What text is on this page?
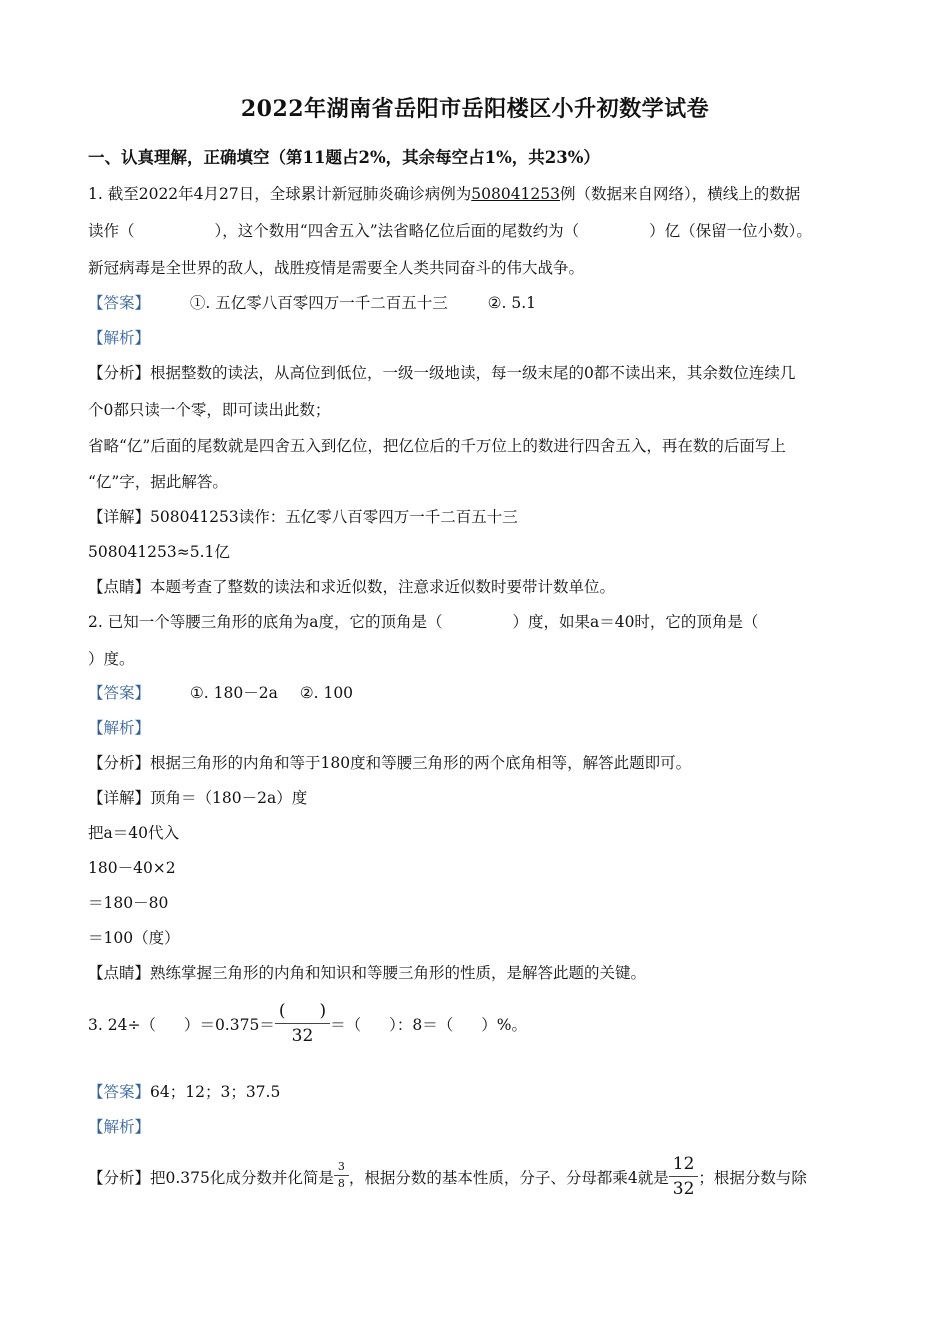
2022年湖南省岳阳市岳阳楼区小升初数学试卷
一、认真理解，正确填空（第11题占2%，其余每空占1%，共23%）
1. 截至2022年4月27日，全球累计新冠肺炎确诊病例为508041253例（数据来自网络），横线上的数据
读作（	），这个数用“四舍五入”法省略亿位后面的尾数约为（	）亿（保留一位小数）。
新冠病毒是全世界的敌人，战胜疫情是需要全人类共同奋斗的伟大战争。
【答案】	①. 五亿零八百零四万一千二百五十三	②. 5.1
【解析】
【分析】根据整数的读法，从高位到低位，一级一级地读，每一级末尾的0都不读出来，其余数位连续几
个0都只读一个零，即可读出此数；
省略“亿”后面的尾数就是四舍五入到亿位，把亿位后的千万位上的数进行四舍五入，再在数的后面写上
“亿”字，据此解答。
【详解】508041253读作：五亿零八百零四万一千二百五十三
508041253≈5.1亿
【点睛】本题考查了整数的读法和求近似数，注意求近似数时要带计数单位。
2. 已知一个等腰三角形的底角为a度，它的顶角是（	）度，如果a＝40时，它的顶角是（
）度。
【答案】	①. 180－2a ②. 100
【解析】
【分析】根据三角形的内角和等于180度和等腰三角形的两个底角相等，解答此题即可。
【详解】顶角＝（180－2a）度
把a＝40代入
180－40×2
＝180－80
＝100（度）
【点睛】熟练掌握三角形的内角和知识和等腰三角形的性质，是解答此题的关键。
3. 24÷（ ）$=0.375= \frac{( )}{32}$ ＝（ ）：8＝（ ）%。
【答案】64；12；3；37.5
【解析】
【分析】把0.375化成分数并化简是 $\frac{3}{8}$ ，根据分数的基本性质，分子、分母都乘4就是 $\frac{12}{32}$ ；根据分数与除
